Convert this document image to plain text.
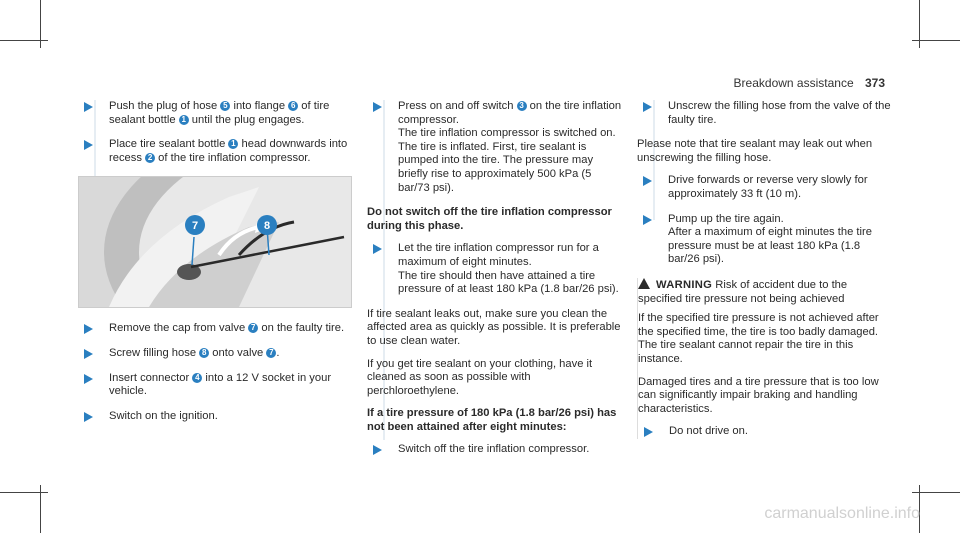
Breakdown assistance 373
Push the plug of hose 5 into flange 6 of tire sealant bottle 1 until the plug engages.
Place tire sealant bottle 1 head downwards into recess 2 of the tire inflation compressor.
7	8
Remove the cap from valve 7 on the faulty tire.
Screw filling hose 8 onto valve 7 .
Insert connector 4 into a 12 V socket in your vehicle.
Switch on the ignition.
Press on and off switch 3 on the tire inflation compressor.
The tire inflation compressor is switched on. The tire is inflated. First, tire sealant is pumped into the tire. The pressure may briefly rise to approximately 500 kPa (5 bar/73 psi).

Do not switch off the tire inflation compressor during this phase.

Let the tire inflation compressor run for a maximum of eight minutes.
The tire should then have attained a tire pressure of at least 180 kPa (1.8 bar/26 psi).

If tire sealant leaks out, make sure you clean the affected area as quickly as possible. It is preferable to use clean water.

If you get tire sealant on your clothing, have it cleaned as soon as possible with perchloroethylene.

If a tire pressure of 180 kPa (1.8 bar/26 psi) has not been attained after eight minutes:

Switch off the tire inflation compressor.
Unscrew the filling hose from the valve of the faulty tire.

Please note that tire sealant may leak out when unscrewing the filling hose.

Drive forwards or reverse very slowly for approximately 33 ft (10 m).
Pump up the tire again.
After a maximum of eight minutes the tire pressure must be at least 180 kPa (1.8 bar/26 psi).
WARNING Risk of accident due to the specified tire pressure not being achieved

If the specified tire pressure is not achieved after the specified time, the tire is too badly damaged. The tire sealant cannot repair the tire in this instance.

Damaged tires and a tire pressure that is too low can significantly impair braking and handling characteristics.

Do not drive on.
carmanualsonline.info
